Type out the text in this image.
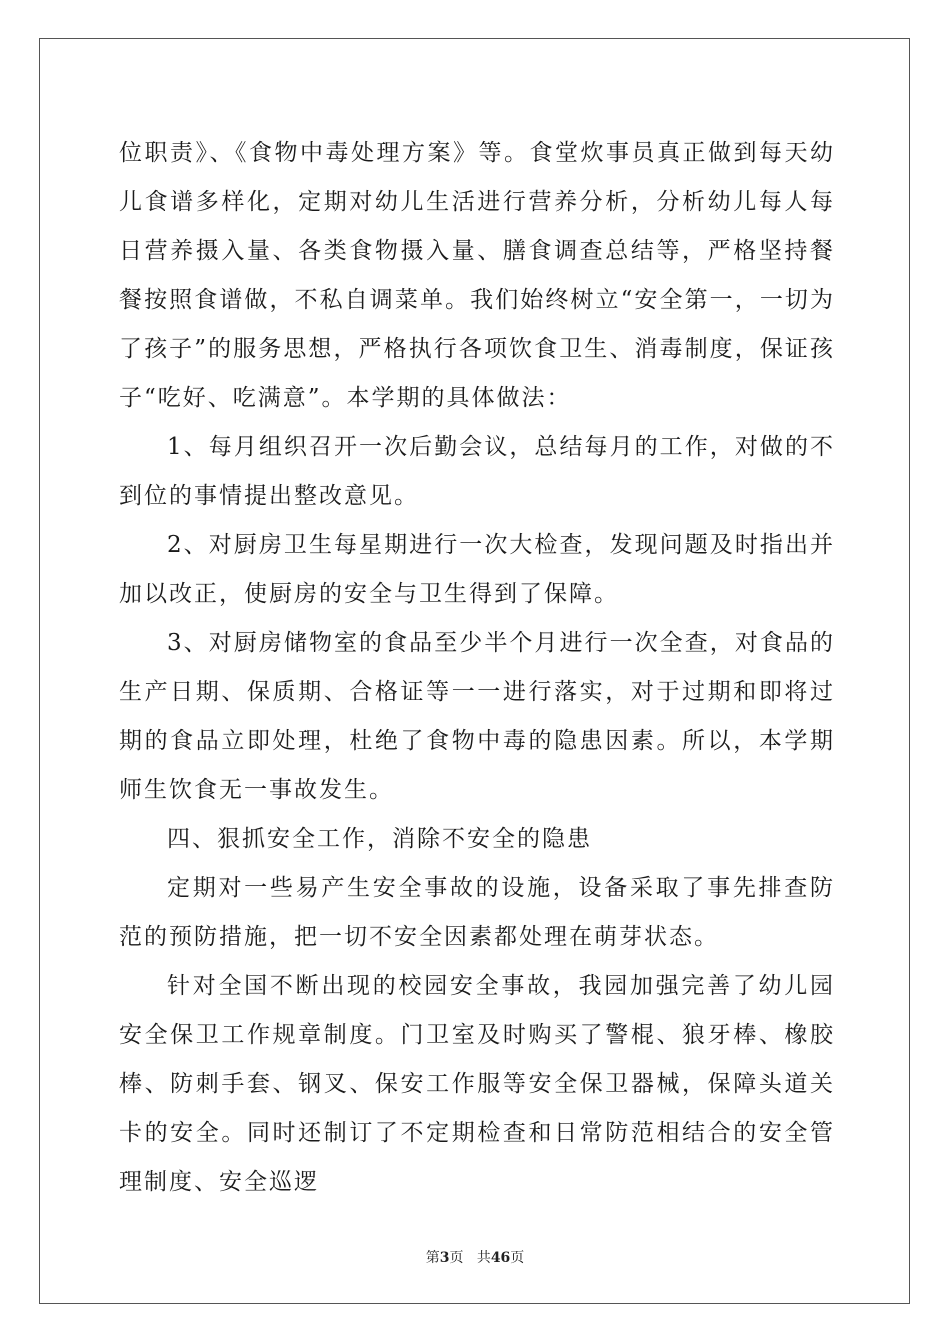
位职责》、《食物中毒处理方案》等。食堂炊事员真正做到每天幼儿食谱多样化，定期对幼儿生活进行营养分析，分析幼儿每人每日营养摄入量、各类食物摄入量、膳食调查总结等，严格坚持餐餐按照食谱做，不私自调菜单。我们始终树立“安全第一，一切为了孩子”的服务思想，严格执行各项饮食卫生、消毒制度，保证孩子“吃好、吃满意”。本学期的具体做法：

1、每月组织召开一次后勤会议，总结每月的工作，对做的不到位的事情提出整改意见。

2、对厨房卫生每星期进行一次大检查，发现问题及时指出并加以改正，使厨房的安全与卫生得到了保障。

3、对厨房储物室的食品至少半个月进行一次全查，对食品的生产日期、保质期、合格证等一一进行落实，对于过期和即将过期的食品立即处理，杜绝了食物中毒的隐患因素。所以，本学期师生饮食无一事故发生。

四、狠抓安全工作，消除不安全的隐患

定期对一些易产生安全事故的设施，设备采取了事先排查防范的预防措施，把一切不安全因素都处理在萌芽状态。

针对全国不断出现的校园安全事故，我园加强完善了幼儿园安全保卫工作规章制度。门卫室及时购买了警棍、狼牙棒、橡胶棒、防刺手套、钢叉、保安工作服等安全保卫器械，保障头道关卡的安全。同时还制订了不定期检查和日常防范相结合的安全管理制度、安全巡逻

第3页 共46页
